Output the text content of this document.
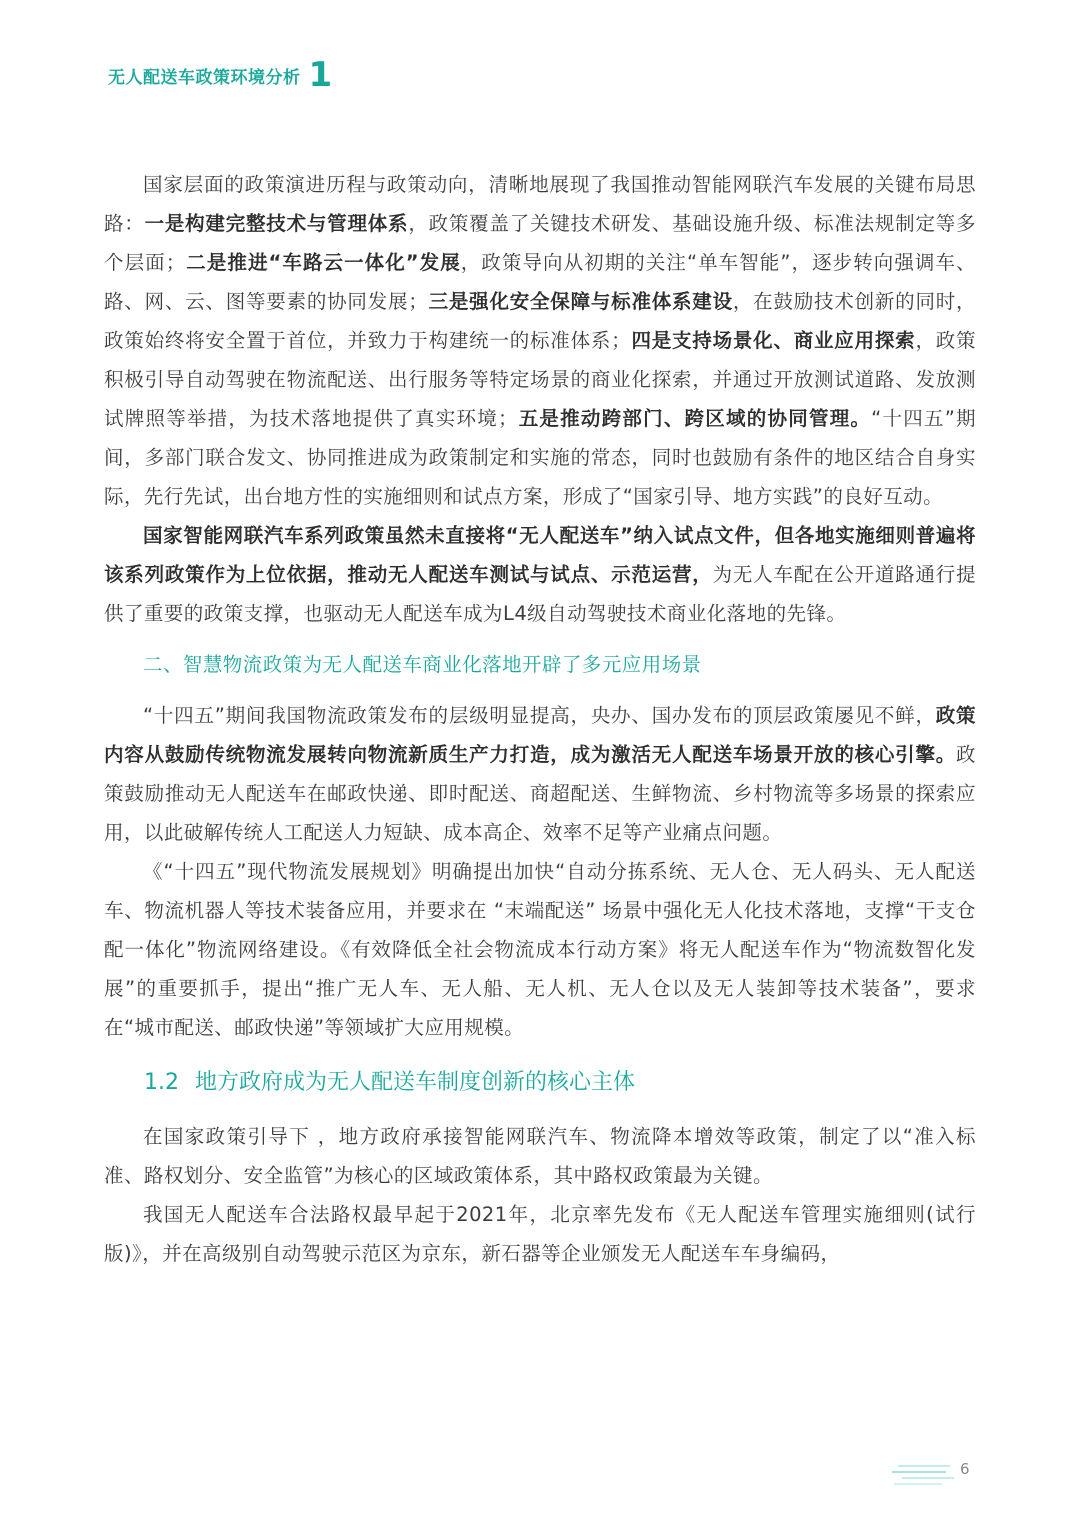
无人配送车政策环境分析 1

国家层面的政策演进历程与政策动向，清晰地展现了我国推动智能网联汽车发展的关键布局思路：一是构建完整技术与管理体系，政策覆盖了关键技术研发、基础设施升级、标准法规制定等多个层面；二是推进“车路云一体化”发展，政策导向从初期的关注“单车智能”，逐步转向强调车、路、网、云、图等要素的协同发展；三是强化安全保障与标准体系建设，在鼓励技术创新的同时，政策始终将安全置于首位，并致力于构建统一的标准体系；四是支持场景化、商业应用探索，政策积极引导自动驾驶在物流配送、出行服务等特定场景的商业化探索，并通过开放测试道路、发放测试牌照等举措，为技术落地提供了真实环境；五是推动跨部门、跨区域的协同管理。“十四五”期间，多部门联合发文、协同推进成为政策制定和实施的常态，同时也鼓励有条件的地区结合自身实际，先行先试，出台地方性的实施细则和试点方案，形成了“国家引导、地方实践”的良好互动。

国家智能网联汽车系列政策虽然未直接将“无人配送车”纳入试点文件，但各地实施细则普遍将该系列政策作为上位依据，推动无人配送车测试与试点、示范运营，为无人车配在公开道路通行提供了重要的政策支撑，也驱动无人配送车成为L4级自动驾驶技术商业化落地的先锋。

二、智慧物流政策为无人配送车商业化落地开辟了多元应用场景

“十四五”期间我国物流政策发布的层级明显提高，央办、国办发布的顶层政策屡见不鲜，政策内容从鼓励传统物流发展转向物流新质生产力打造，成为激活无人配送车场景开放的核心引擎。政策鼓励推动无人配送车在邮政快递、即时配送、商超配送、生鲜物流、乡村物流等多场景的探索应用，以此破解传统人工配送人力短缺、成本高企、效率不足等产业痛点问题。

《“十四五”现代物流发展规划》明确提出加快“自动分拣系统、无人仓、无人码头、无人配送车、物流机器人等技术装备应用，并要求在 “末端配送” 场景中强化无人化技术落地，支撑“干支仓配一体化”物流网络建设。《有效降低全社会物流成本行动方案》将无人配送车作为“物流数智化发展”的重要抓手，提出“推广无人车、无人船、无人机、无人仓以及无人装卸等技术装备”，要求在“城市配送、邮政快递”等领域扩大应用规模。

1.2 地方政府成为无人配送车制度创新的核心主体

在国家政策引导下 ，地方政府承接智能网联汽车、物流降本增效等政策，制定了以“准入标准、路权划分、安全监管”为核心的区域政策体系，其中路权政策最为关键。

我国无人配送车合法路权最早起于2021年，北京率先发布《无人配送车管理实施细则(试行版)》，并在高级别自动驾驶示范区为京东，新石器等企业颁发无人配送车车身编码，

6
